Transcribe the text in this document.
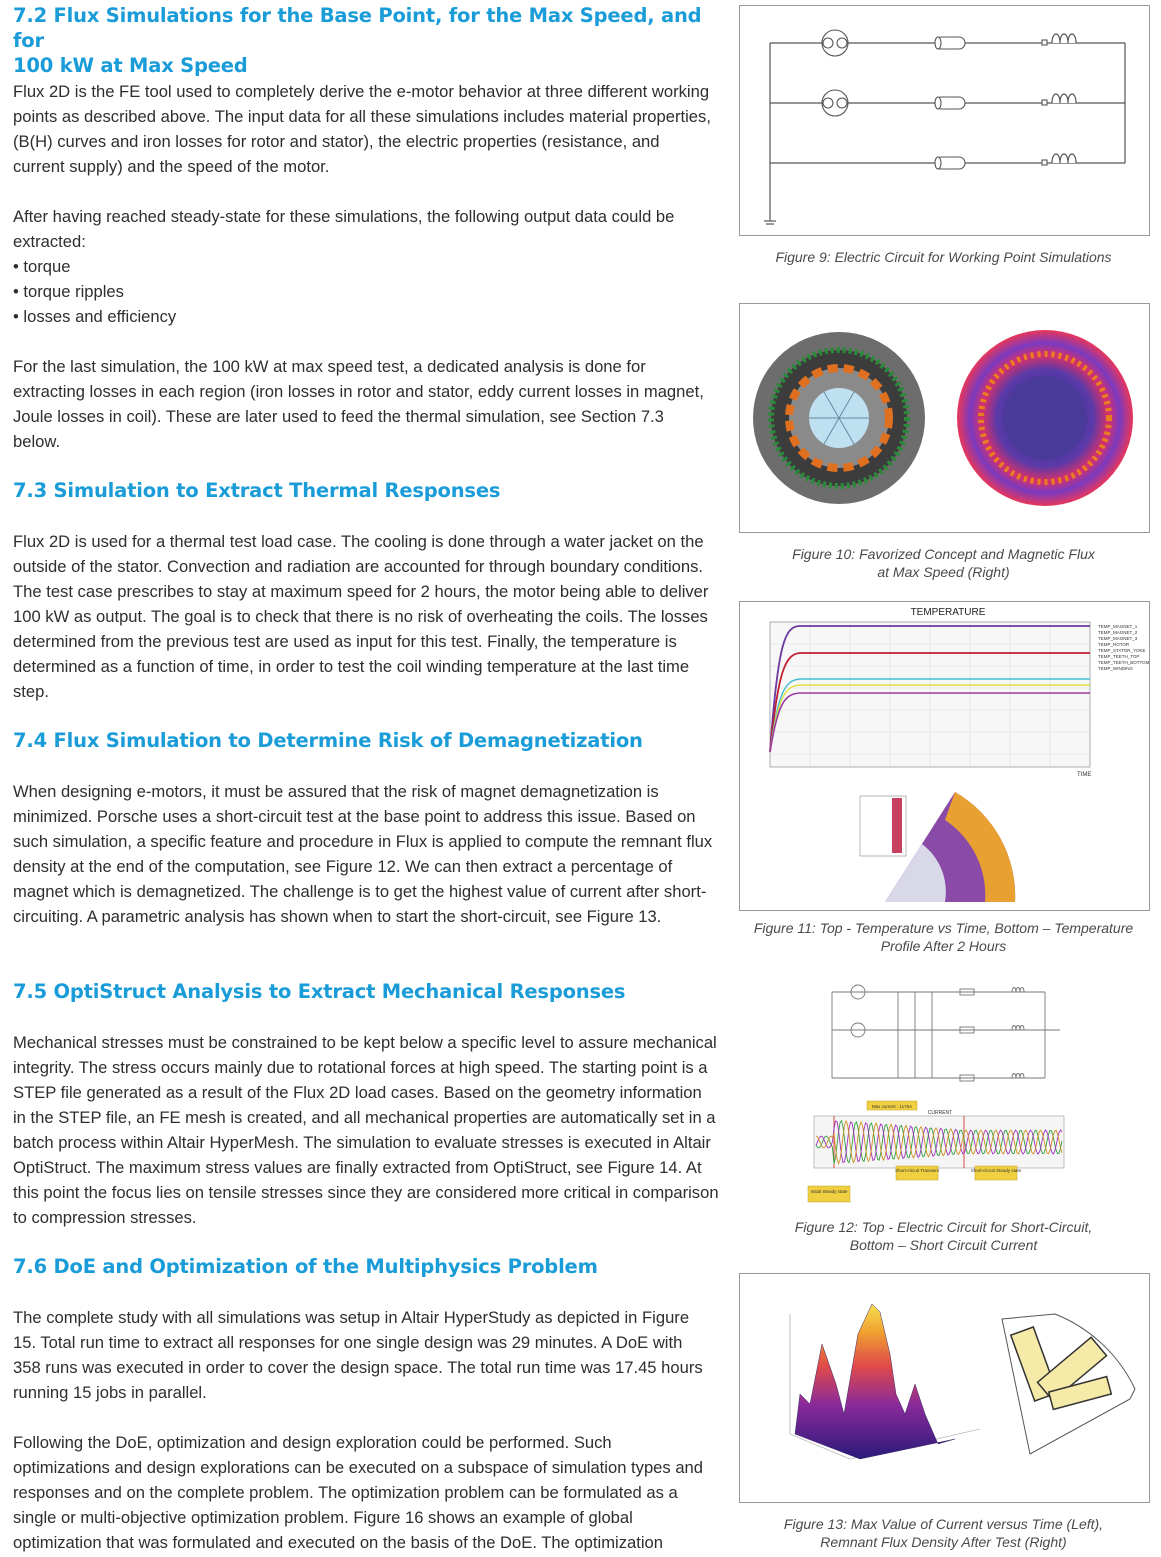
7.2 Flux Simulations for the Base Point, for the Max Speed, and for
100 kW at Max Speed

Flux 2D is the FE tool used to completely derive the e-motor behavior at three different working points as described above. The input data for all these simulations includes material properties, (B(H) curves and iron losses for rotor and stator), the electric properties (resistance, and current supply) and the speed of the motor.

After having reached steady-state for these simulations, the following output data could be extracted:

• torque

• torque ripples

• losses and efficiency

For the last simulation, the 100 kW at max speed test, a dedicated analysis is done for extracting losses in each region (iron losses in rotor and stator, eddy current losses in magnet, Joule losses in coil). These are later used to feed the thermal simulation, see Section 7.3 below.

7.3 Simulation to Extract Thermal Responses

Flux 2D is used for a thermal test load case. The cooling is done through a water jacket on the outside of the stator. Convection and radiation are accounted for through boundary conditions. The test case prescribes to stay at maximum speed for 2 hours, the motor being able to deliver 100 kW as output. The goal is to check that there is no risk of overheating the coils. The losses determined from the previous test are used as input for this test. Finally, the temperature is determined as a function of time, in order to test the coil winding temperature at the last time step.

7.4 Flux Simulation to Determine Risk of Demagnetization

When designing e-motors, it must be assured that the risk of magnet demagnetization is minimized. Porsche uses a short-circuit test at the base point to address this issue. Based on such simulation, a specific feature and procedure in Flux is applied to compute the remnant flux density at the end of the computation, see Figure 12. We can then extract a percentage of magnet which is demagnetized. The challenge is to get the highest value of current after short-circuiting. A parametric analysis has shown when to start the short-circuit, see Figure 13.

7.5 OptiStruct Analysis to Extract Mechanical Responses

Mechanical stresses must be constrained to be kept below a specific level to assure mechanical integrity. The stress occurs mainly due to rotational forces at high speed. The starting point is a STEP file generated as a result of the Flux 2D load cases. Based on the geometry information in the STEP file, an FE mesh is created, and all mechanical properties are automatically set in a batch process within Altair HyperMesh. The simulation to evaluate stresses is executed in Altair OptiStruct. The maximum stress values are finally extracted from OptiStruct, see Figure 14. At this point the focus lies on tensile stresses since they are considered more critical in comparison to compression stresses.

7.6 DoE and Optimization of the Multiphysics Problem

The complete study with all simulations was setup in Altair HyperStudy as depicted in Figure 15. Total run time to extract all responses for one single design was 29 minutes. A DoE with 358 runs was executed in order to cover the design space. The total run time was 17.45 hours running 15 jobs in parallel.

Following the DoE, optimization and design exploration could be performed. Such optimizations and design explorations can be executed on a subspace of simulation types and responses and on the complete problem. The optimization problem can be formulated as a single or multi-objective optimization problem. Figure 16 shows an example of global optimization that was formulated and executed on the basis of the DoE. The optimization

Figure 9: Electric Circuit for Working Point Simulations
Figure 10: Favorized Concept and Magnetic Flux
at Max Speed (Right)
TEMPERATURE
TIME
TEMP_MAGNET_1
TEMP_MAGNET_2
TEMP_MAGNET_3
TEMP_ROTOR
TEMP_STATOR_YOKE
TEMP_TEETH_TOP
TEMP_TEETH_BOTTOM
TEMP_WINDING
Figure 11: Top - Temperature vs Time, Bottom – Temperature
Profile After 2 Hours
Max current : 1175A
CURRENT
Short-circuit Transient	Short-circuit Steady state
Initial Steady state
Figure 12: Top - Electric Circuit for Short-Circuit,
Bottom – Short Circuit Current
Figure 13: Max Value of Current versus Time (Left),
Remnant Flux Density After Test (Right)
